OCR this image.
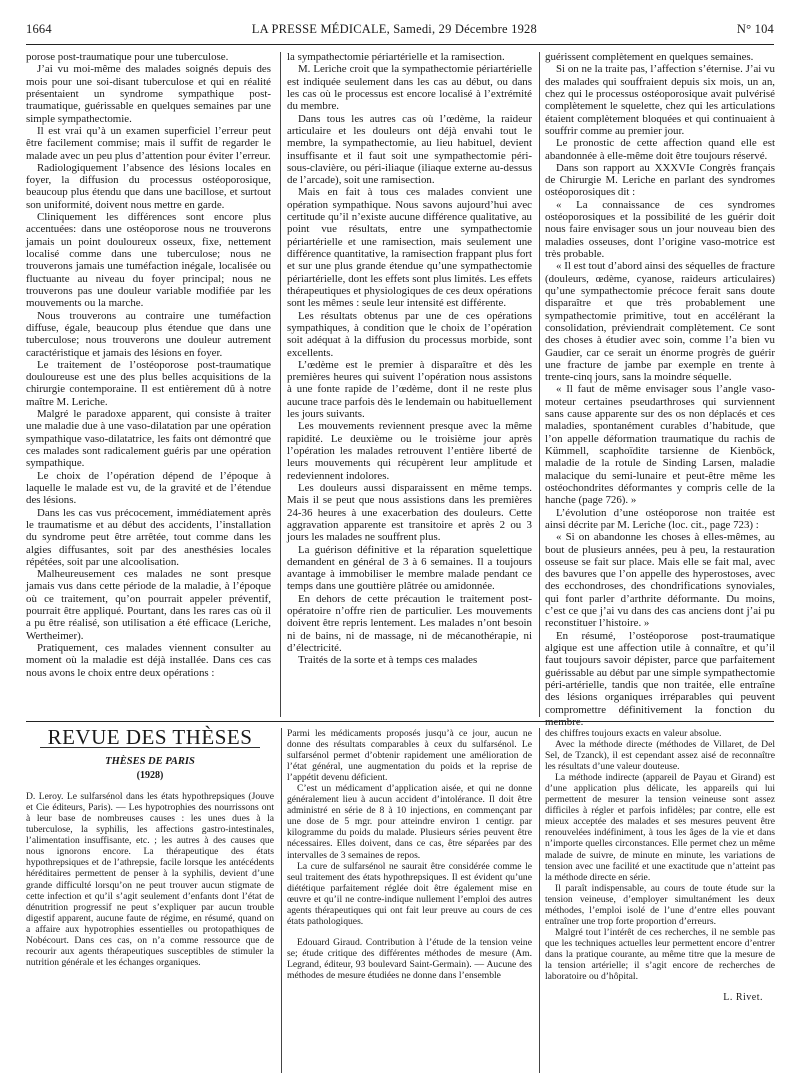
1664	LA PRESSE MÉDICALE, Samedi, 29 Décembre 1928	N° 104

porose post-traumatique pour une tuberculose.

J’ai vu moi-même des malades soignés depuis des mois pour une soi-disant tuberculose et qui en réalité présentaient un syndrome sympathique post-traumatique, guérissable en quelques semaines par une simple sympathectomie.

Il est vrai qu’à un examen superficiel l’erreur peut être facilement commise; mais il suffit de regarder le malade avec un peu plus d’attention pour éviter l’erreur.

Radiologiquement l’absence des lésions locales en foyer, la diffusion du processus ostéoporosique, beaucoup plus étendu que dans une bacillose, et surtout son uniformité, doivent nous mettre en garde.

Cliniquement les différences sont encore plus accentuées: dans une ostéoporose nous ne trouverons jamais un point douloureux osseux, fixe, nettement localisé comme dans une tuberculose; nous ne trouverons jamais une tuméfaction inégale, localisée ou fluctuante au niveau du foyer principal; nous ne trouverons pas une douleur variable modifiée par les mouvements ou la marche.

Nous trouverons au contraire une tuméfaction diffuse, égale, beaucoup plus étendue que dans une tuberculose; nous trouverons une douleur autrement caractéristique et jamais des lésions en foyer.

Le traitement de l’ostéoporose post-traumatique douloureuse est une des plus belles acquisitions de la chirurgie contemporaine. Il est entièrement dû à notre maître M. Leriche.

Malgré le paradoxe apparent, qui consiste à traiter une maladie due à une vaso-dilatation par une opération sympathique vaso-dilatatrice, les faits ont démontré que ces malades sont radicalement guéris par une opération sympathique.

Le choix de l’opération dépend de l’époque à laquelle le malade est vu, de la gravité et de l’étendue des lésions.

Dans les cas vus précocement, immédiatement après le traumatisme et au début des accidents, l’installation du syndrome peut être arrêtée, tout comme dans les algies diffusantes, soit par des anesthésies locales répétées, soit par une alcoolisation.

Malheureusement ces malades ne sont presque jamais vus dans cette période de la maladie, à l’époque où ce traitement, qu’on pourrait appeler préventif, pourrait être appliqué. Pourtant, dans les rares cas où il a pu être réalisé, son utilisation a été efficace (Leriche, Wertheimer).

Pratiquement, ces malades viennent consulter au moment où la maladie est déjà installée. Dans ces cas nous avons le choix entre deux opérations :

la sympathectomie périartérielle et la ramisection.

M. Leriche croit que la sympathectomie périartérielle est indiquée seulement dans les cas au début, ou dans les cas où le processus est encore localisé à l’extrémité du membre.

Dans tous les autres cas où l’œdème, la raideur articulaire et les douleurs ont déjà envahi tout le membre, la sympathectomie, au lieu habituel, devient insuffisante et il faut soit une sympathectomie péri-sous-clavière, ou péri-iliaque (iliaque externe au-dessus de l’arcade), soit une ramisection.

Mais en fait à tous ces malades convient une opération sympathique. Nous savons aujourd’hui avec certitude qu’il n’existe aucune différence qualitative, au point vue résultats, entre une sympathectomie périartérielle et une ramisection, mais seulement une différence quantitative, la ramisection frappant plus fort et sur une plus grande étendue qu’une sympathectomie périartérielle, dont les effets sont plus limités. Les effets thérapeutiques et physiologiques de ces deux opérations sont les mêmes : seule leur intensité est différente.

Les résultats obtenus par une de ces opérations sympathiques, à condition que le choix de l’opération soit adéquat à la diffusion du processus morbide, sont excellents.

L’œdème est le premier à disparaître et dès les premières heures qui suivent l’opération nous assistons à une fonte rapide de l’œdème, dont il ne reste plus aucune trace parfois dès le lendemain ou habituellement les jours suivants.

Les mouvements reviennent presque avec la même rapidité. Le deuxième ou le troisième jour après l’opération les malades retrouvent l’entière liberté de leurs mouvements qui récupèrent leur amplitude et redeviennent indolores.

Les douleurs aussi disparaissent en même temps. Mais il se peut que nous assistions dans les premières 24-36 heures à une exacerbation des douleurs. Cette aggravation apparente est transitoire et après 2 ou 3 jours les malades ne souffrent plus.

La guérison définitive et la réparation squelettique demandent en général de 3 à 6 semaines. Il a toujours avantage à immobiliser le membre malade pendant ce temps dans une gouttière plâtrée ou amidonnée.

En dehors de cette précaution le traitement post-opératoire n’offre rien de particulier. Les mouvements doivent être repris lentement. Les malades n’ont besoin ni de bains, ni de massage, ni de mécanothérapie, ni d’électricité.

Traités de la sorte et à temps ces malades

guérissent complètement en quelques semaines.

Si on ne la traite pas, l’affection s’éternise. J’ai vu des malades qui souffraient depuis six mois, un an, chez qui le processus ostéoporosique avait pulvérisé complètement le squelette, chez qui les articulations étaient complètement bloquées et qui continuaient à souffrir comme au premier jour.

Le pronostic de cette affection quand elle est abandonnée à elle-même doit être toujours réservé.

Dans son rapport au XXXVIe Congrès français de Chirurgie M. Leriche en parlant des syndromes ostéoporosiques dit :

« La connaissance de ces syndromes ostéoporosiques et la possibilité de les guérir doit nous faire envisager sous un jour nouveau bien des maladies osseuses, dont l’origine vaso-motrice est très probable.

« Il est tout d’abord ainsi des séquelles de fracture (douleurs, œdème, cyanose, raideurs articulaires) qu’une sympathectomie précoce ferait sans doute disparaître et que très probablement une sympathectomie primitive, tout en accélérant la consolidation, préviendrait complètement. Ce sont des choses à étudier avec soin, comme l’a bien vu Gaudier, car ce serait un énorme progrès de guérir une fracture de jambe par exemple en trente à trente-cinq jours, sans la moindre séquelle.

« Il faut de même envisager sous l’angle vaso-moteur certaines pseudarthroses qui surviennent sans cause apparente sur des os non déplacés et ces maladies, spontanément curables d’habitude, que l’on appelle déformation traumatique du rachis de Kümmell, scaphoïdite tarsienne de Kienböck, maladie de la rotule de Sinding Larsen, maladie malacique du semi-lunaire et peut-être même les ostéochondrites déformantes y compris celle de la hanche (page 726). »

L’évolution d’une ostéoporose non traitée est ainsi décrite par M. Leriche (loc. cit., page 723) :

« Si on abandonne les choses à elles-mêmes, au bout de plusieurs années, peu à peu, la restauration osseuse se fait sur place. Mais elle se fait mal, avec des bavures que l’on appelle des hyperostoses, avec des ecchondroses, des chondrifications synoviales, qui font parler d’arthrite déformante. Du moins, c’est ce que j’ai vu dans des cas anciens dont j’ai pu reconstituer l’histoire. »

En résumé, l’ostéoporose post-traumatique algique est une affection utile à connaître, et qu’il faut toujours savoir dépister, parce que parfaitement guérissable au début par une simple sympathectomie péri-artérielle, tandis que non traitée, elle entraîne des lésions organiques irréparables qui peuvent compromettre définitivement la fonction du membre.

REVUE DES THÈSES
THÈSES DE PARIS
(1928)

D. Leroy. Le sulfarsénol dans les états hypothrepsiques (Jouve et Cie éditeurs, Paris). — Les hypotrophies des nourrissons ont à leur base de nombreuses causes : les unes dues à la tuberculose, la syphilis, les affections gastro-intestinales, l’alimentation insuffisante, etc. ; les autres à des causes que nous ignorons encore. La thérapeutique des états hypothrepsiques et de l’athrepsie, facile lorsque les antécédents héréditaires permettent de penser à la syphilis, devient d’une grande difficulté lorsqu’on ne peut trouver aucun stigmate de cette infection et qu’il s’agit seulement d’enfants dont l’état de dénutrition progressif ne peut s’expliquer par aucun trouble digestif apparent, aucune faute de régime, en résumé, quand on a affaire aux hypotrophies essentielles ou protopathiques de Nobécourt. Dans ces cas, on n’a comme ressource que de recourir aux agents thérapeutiques susceptibles de stimuler la nutrition générale et les échanges organiques.

Parmi les médicaments proposés jusqu’à ce jour, aucun ne donne des résultats comparables à ceux du sulfarsénol. Le sulfarsénol permet d’obtenir rapidement une amélioration de l’état général, une augmentation du poids et la reprise de l’appétit devenu déficient.

C’est un médicament d’application aisée, et qui ne donne généralement lieu à aucun accident d’intolérance. Il doit être administré en série de 8 à 10 injections, en commençant par une dose de 5 mgr. pour atteindre environ 1 centigr. par kilogramme du poids du malade. Plusieurs séries peuvent être nécessaires. Elles doivent, dans ce cas, être séparées par des intervalles de 3 semaines de repos.

La cure de sulfarsénol ne saurait être considérée comme le seul traitement des états hypothrepsiques. Il est évident qu’une diététique parfaitement réglée doit être également mise en œuvre et qu’il ne contre-indique nullement l’emploi des autres agents thérapeutiques qui ont fait leur preuve au cours de ces états pathologiques.

Edouard Giraud. Contribution à l’étude de la tension veine se; étude critique des différentes méthodes de mesure (Am. Legrand, éditeur, 93 boulevard Saint-Germain). — Aucune des méthodes de mesure étudiées ne donne dans l’ensemble

des chiffres toujours exacts en valeur absolue.

Avec la méthode directe (méthodes de Villaret, de Del Sel, de Tzanck), il est cependant assez aisé de reconnaître les résultats d’une valeur douteuse.

La méthode indirecte (appareil de Payau et Girand) est d’une application plus délicate, les appareils qui lui permettent de mesurer la tension veineuse sont assez difficiles à régler et parfois infidèles; par contre, elle est mieux acceptée des malades et ses mesures peuvent être renouvelées indéfiniment, à tous les âges de la vie et dans n’importe quelles circonstances. Elle permet chez un même malade de suivre, de minute en minute, les variations de tension avec une facilité et une exactitude que n’atteint pas la méthode directe en série.

Il paraît indispensable, au cours de toute étude sur la tension veineuse, d’employer simultanément les deux méthodes, l’emploi isolé de l’une d’entre elles pouvant entraîner une trop forte proportion d’erreurs.

Malgré tout l’intérêt de ces recherches, il ne semble pas que les techniques actuelles leur permettent encore d’entrer dans la pratique courante, au même titre que la mesure de la tension artérielle; il s’agit encore de recherches de laboratoire ou d’hôpital.

L. Rivet.
